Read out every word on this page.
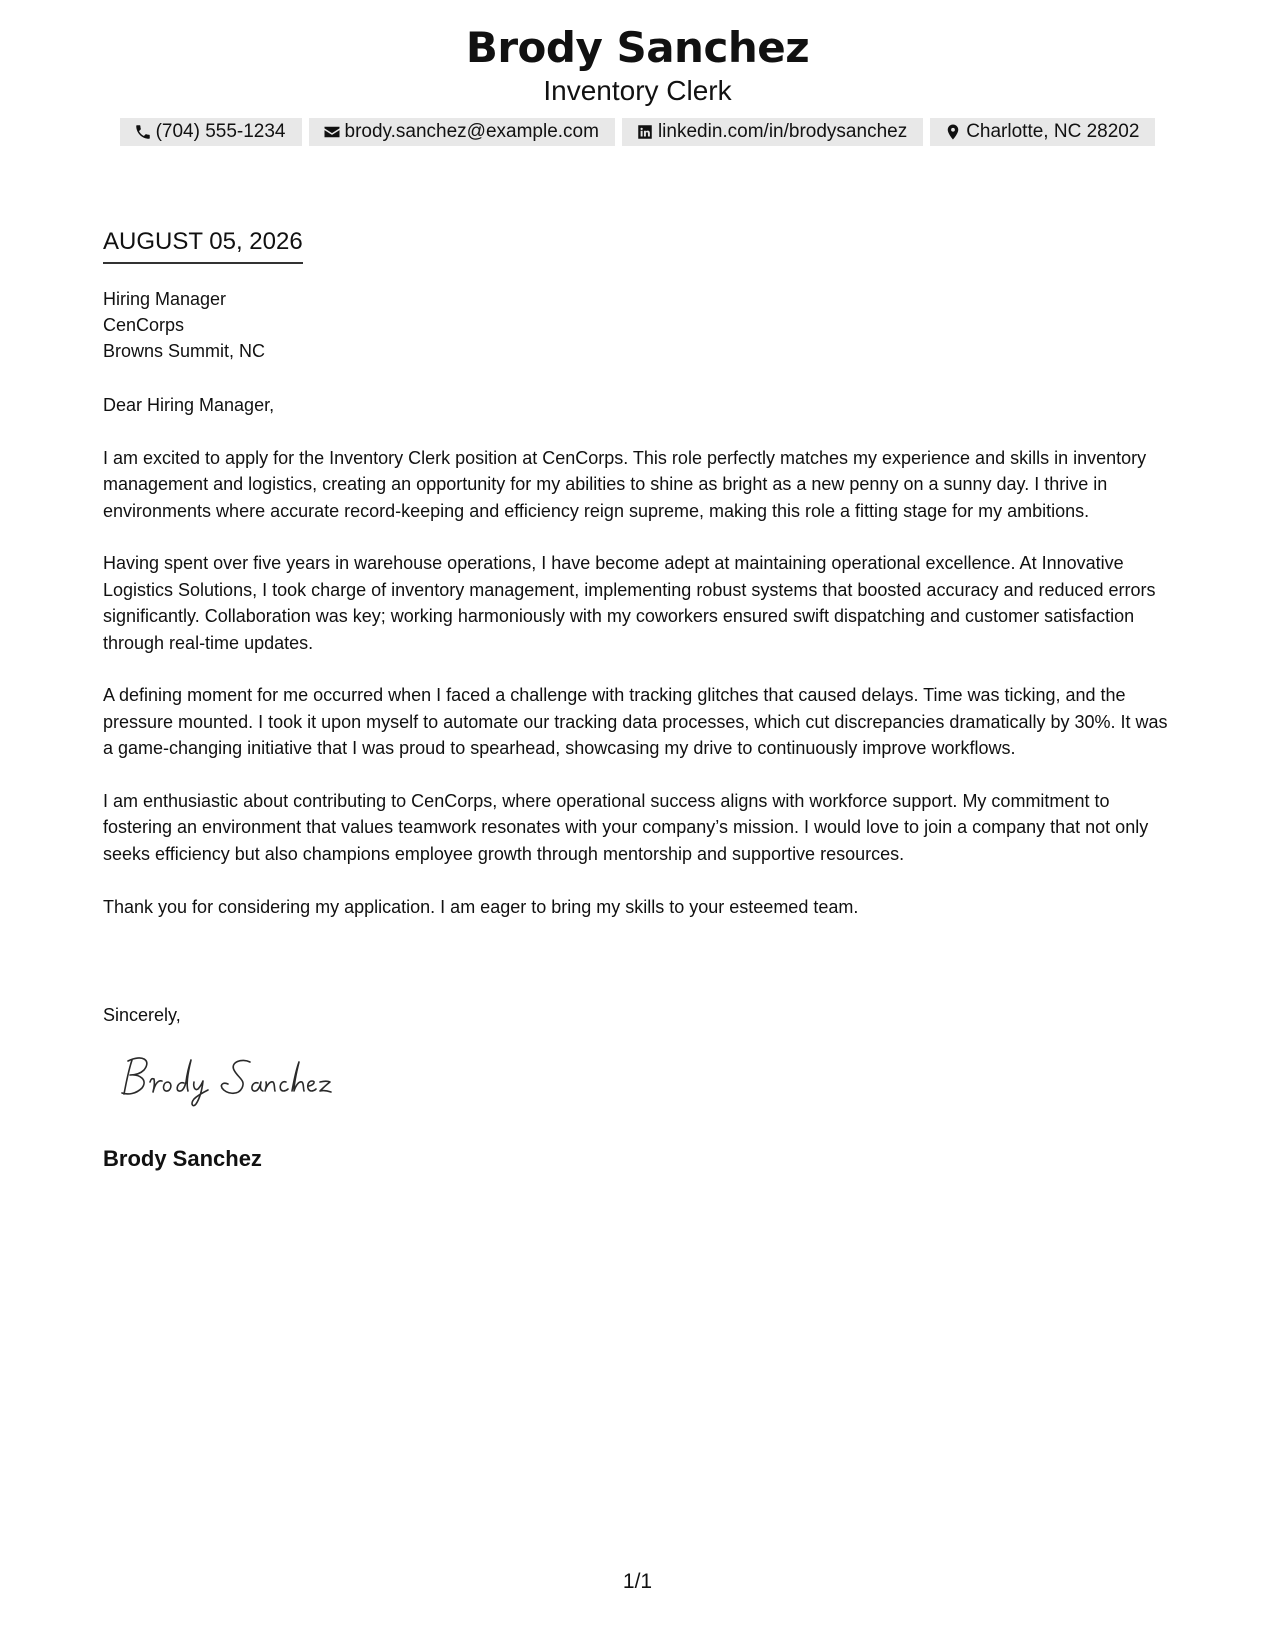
Brody Sanchez
Inventory Clerk
(704) 555-1234	brody.sanchez@example.com	linkedin.com/in/brodysanchez	Charlotte, NC 28202
AUGUST 05, 2026
Hiring Manager
CenCorps
Browns Summit, NC

Dear Hiring Manager,

I am excited to apply for the Inventory Clerk position at CenCorps. This role perfectly matches my experience and skills in inventory management and logistics, creating an opportunity for my abilities to shine as bright as a new penny on a sunny day. I thrive in environments where accurate record-keeping and efficiency reign supreme, making this role a fitting stage for my ambitions.

Having spent over five years in warehouse operations, I have become adept at maintaining operational excellence. At Innovative Logistics Solutions, I took charge of inventory management, implementing robust systems that boosted accuracy and reduced errors significantly. Collaboration was key; working harmoniously with my coworkers ensured swift dispatching and customer satisfaction through real-time updates.

A defining moment for me occurred when I faced a challenge with tracking glitches that caused delays. Time was ticking, and the pressure mounted. I took it upon myself to automate our tracking data processes, which cut discrepancies dramatically by 30%. It was a game-changing initiative that I was proud to spearhead, showcasing my drive to continuously improve workflows.

I am enthusiastic about contributing to CenCorps, where operational success aligns with workforce support. My commitment to fostering an environment that values teamwork resonates with your company’s mission. I would love to join a company that not only seeks efficiency but also champions employee growth through mentorship and supportive resources.

Thank you for considering my application. I am eager to bring my skills to your esteemed team.

Sincerely,
Brody Sanchez
1/1
